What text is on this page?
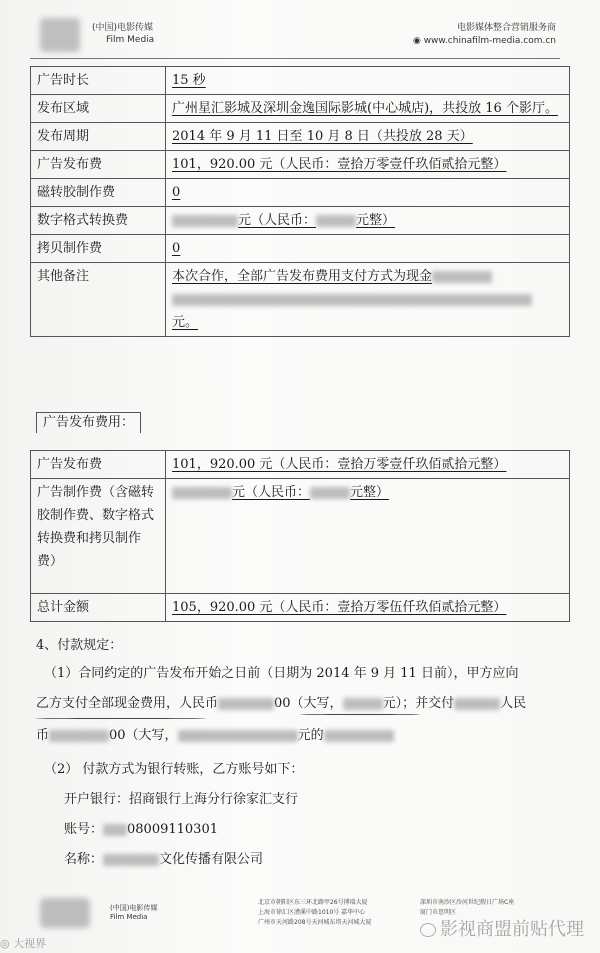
(中国)电影传媒
Film Media
电影媒体整合营销服务商
◉ www.chinafilm-media.com.cn
广告时长	15 秒
发布区域	广州星汇影城及深圳金逸国际影城(中心城店)，共投放 16 个影厅。
发布周期	2014 年 9 月 11 日至 10 月 8 日（共投放 28 天）
广告发布费	101，920.00 元（人民币：壹拾万零壹仟玖佰贰拾元整）
磁转胶制作费	0
数字格式转换费	元（人民币： 元整）
拷贝制作费	0
其他备注	本次合作，全部广告发布费用支付方式为现金

元。
广告发布费用：
广告发布费	101，920.00 元（人民币：壹拾万零壹仟玖佰贰拾元整）
广告制作费（含磁转胶制作费、数字格式转换费和拷贝制作费）	元（人民币： 元整）
总计金额	105，920.00 元（人民币：壹拾万零伍仟玖佰贰拾元整）
4、付款规定：
（1）合同约定的广告发布开始之日前（日期为 2014 年 9 月 11 日前），甲方应向
乙方支付全部现金费用，人民币	00（大写，	元）；并交付	人民
币	00（大写，	元的
（2） 付款方式为银行转账，乙方账号如下：
开户银行：招商银行上海分行徐家汇支行
账号： 08009110301
名称：	文化传播有限公司
(中国)电影传媒
Film Media
北京市朝阳区东三环北路甲26号博瑞大厦
上海市徐汇区漕溪中路1010号 嘉华中心
广州市天河路208号天河城东塔天河城大厦
深圳市南沙区沙河世纪假日广场C座
厦门市思明区
影视商盟前贴代理
◎ 大视界
